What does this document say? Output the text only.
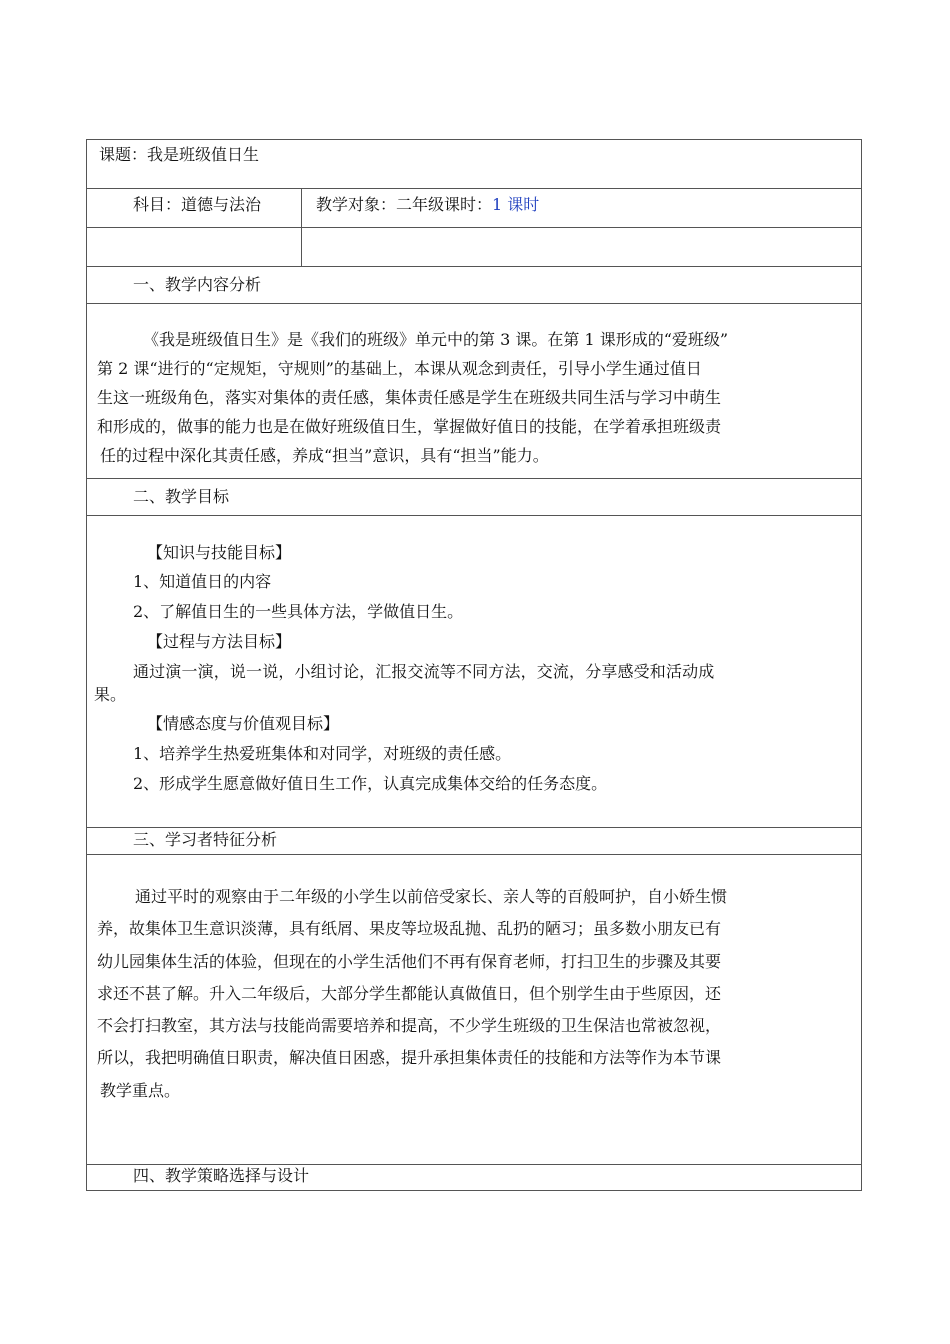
课题：我是班级值日生
科目：道德与法治	教学对象：二年级课时：1 课时
一、教学内容分析
《我是班级值日生》是《我们的班级》单元中的第 3 课。在第 1 课形成的“爱班级”
第 2 课“进行的“定规矩，守规则”的基础上，本课从观念到责任，引导小学生通过值日
生这一班级角色，落实对集体的责任感，集体责任感是学生在班级共同生活与学习中萌生
和形成的，做事的能力也是在做好班级值日生，掌握做好值日的技能，在学着承担班级责
任的过程中深化其责任感，养成“担当”意识，具有“担当”能力。
二、教学目标
【知识与技能目标】
1、知道值日的内容
2、了解值日生的一些具体方法，学做值日生。
【过程与方法目标】
通过演一演，说一说，小组讨论，汇报交流等不同方法，交流，分享感受和活动成
果。
【情感态度与价值观目标】
1、培养学生热爱班集体和对同学，对班级的责任感。
2、形成学生愿意做好值日生工作，认真完成集体交给的任务态度。
三、学习者特征分析
通过平时的观察由于二年级的小学生以前倍受家长、亲人等的百般呵护，自小娇生惯
养，故集体卫生意识淡薄，具有纸屑、果皮等垃圾乱抛、乱扔的陋习；虽多数小朋友已有
幼儿园集体生活的体验，但现在的小学生活他们不再有保育老师，打扫卫生的步骤及其要
求还不甚了解。升入二年级后，大部分学生都能认真做值日，但个别学生由于些原因，还
不会打扫教室，其方法与技能尚需要培养和提高，不少学生班级的卫生保洁也常被忽视，
所以，我把明确值日职责，解决值日困惑，提升承担集体责任的技能和方法等作为本节课
教学重点。
四、教学策略选择与设计
